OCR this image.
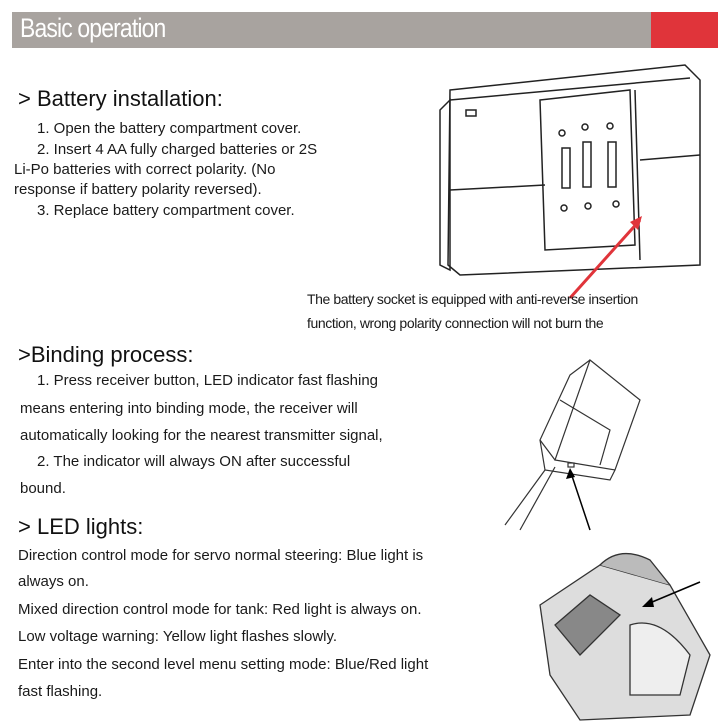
Basic operation
> Battery installation:
1. Open the battery compartment cover.
2. Insert 4 AA fully charged batteries or 2S
Li-Po batteries with correct polarity. (No
response if battery polarity reversed).
3. Replace battery compartment cover.
The battery socket is equipped with anti-reverse insertion
function, wrong polarity connection will not burn the
>Binding process:
1. Press receiver button, LED indicator fast flashing
means entering into binding mode, the receiver will
automatically looking for the nearest transmitter signal,
2. The indicator will always ON after successful
bound.
> LED lights:
Direction control mode for servo normal steering: Blue light is
always on.
Mixed direction control mode for tank: Red light is always on.
Low voltage warning: Yellow light flashes slowly.
Enter into the second level menu setting mode: Blue/Red light
fast flashing.
